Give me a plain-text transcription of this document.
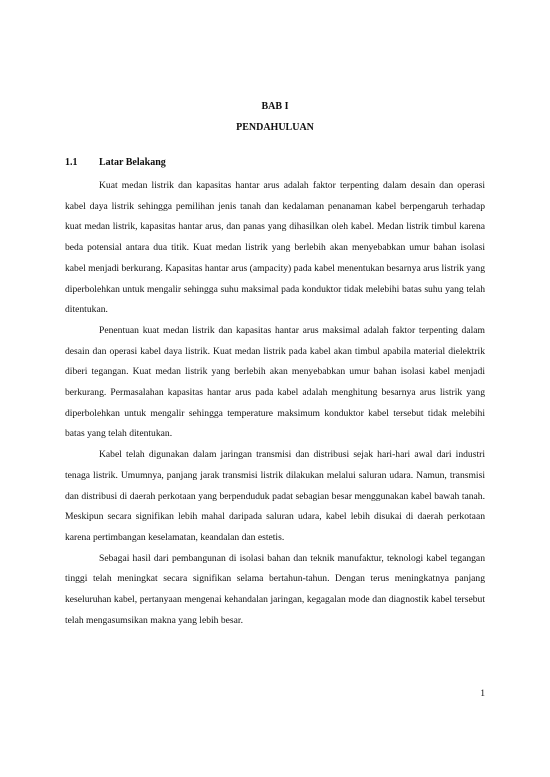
BAB I
PENDAHULUAN
1.1 Latar Belakang

Kuat medan listrik dan kapasitas hantar arus adalah faktor terpenting dalam desain dan operasi kabel daya listrik sehingga pemilihan jenis tanah dan kedalaman penanaman kabel berpengaruh terhadap kuat medan listrik, kapasitas hantar arus, dan panas yang dihasilkan oleh kabel. Medan listrik timbul karena beda potensial antara dua titik. Kuat medan listrik yang berlebih akan menyebabkan umur bahan isolasi kabel menjadi berkurang. Kapasitas hantar arus (ampacity) pada kabel menentukan besarnya arus listrik yang diperbolehkan untuk mengalir sehingga suhu maksimal pada konduktor tidak melebihi batas suhu yang telah ditentukan.

Penentuan kuat medan listrik dan kapasitas hantar arus maksimal adalah faktor terpenting dalam desain dan operasi kabel daya listrik. Kuat medan listrik pada kabel akan timbul apabila material dielektrik diberi tegangan. Kuat medan listrik yang berlebih akan menyebabkan umur bahan isolasi kabel menjadi berkurang. Permasalahan kapasitas hantar arus pada kabel adalah menghitung besarnya arus listrik yang diperbolehkan untuk mengalir sehingga temperature maksimum konduktor kabel tersebut tidak melebihi batas yang telah ditentukan.

Kabel telah digunakan dalam jaringan transmisi dan distribusi sejak hari-hari awal dari industri tenaga listrik. Umumnya, panjang jarak transmisi listrik dilakukan melalui saluran udara. Namun, transmisi dan distribusi di daerah perkotaan yang berpenduduk padat sebagian besar menggunakan kabel bawah tanah. Meskipun secara signifikan lebih mahal daripada saluran udara, kabel lebih disukai di daerah perkotaan karena pertimbangan keselamatan, keandalan dan estetis.

Sebagai hasil dari pembangunan di isolasi bahan dan teknik manufaktur, teknologi kabel tegangan tinggi telah meningkat secara signifikan selama bertahun-tahun. Dengan terus meningkatnya panjang keseluruhan kabel, pertanyaan mengenai kehandalan jaringan, kegagalan mode dan diagnostik kabel tersebut telah mengasumsikan makna yang lebih besar.

1
